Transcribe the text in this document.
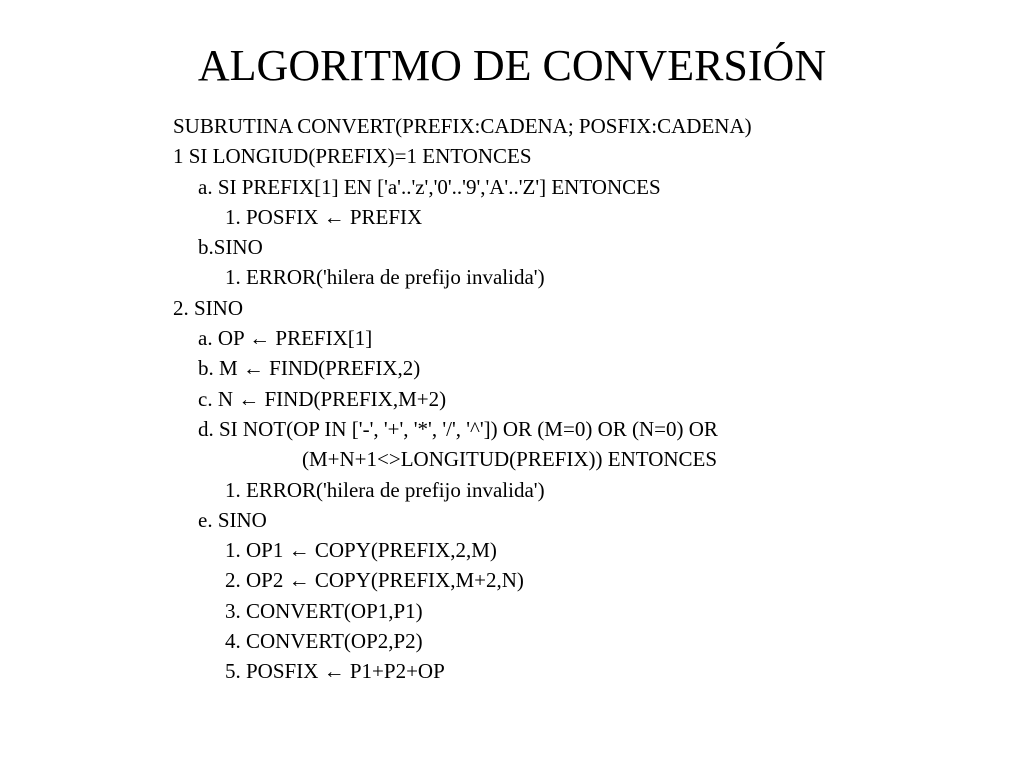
ALGORITMO DE CONVERSIÓN
SUBRUTINA CONVERT(PREFIX:CADENA; POSFIX:CADENA)
1 SI LONGIUD(PREFIX)=1 ENTONCES
a. SI PREFIX[1] EN ['a'..'z','0'..'9','A'..'Z'] ENTONCES
1. POSFIX ← PREFIX
b.SINO
1. ERROR('hilera de prefijo invalida')
2. SINO
a. OP ← PREFIX[1]
b. M ← FIND(PREFIX,2)
c. N ← FIND(PREFIX,M+2)
d. SI NOT(OP IN ['-', '+', '*', '/', '^']) OR (M=0) OR (N=0) OR
(M+N+1<>LONGITUD(PREFIX)) ENTONCES
1. ERROR('hilera de prefijo invalida')
e. SINO
1. OP1 ← COPY(PREFIX,2,M)
2. OP2 ← COPY(PREFIX,M+2,N)
3. CONVERT(OP1,P1)
4. CONVERT(OP2,P2)
5. POSFIX ← P1+P2+OP
